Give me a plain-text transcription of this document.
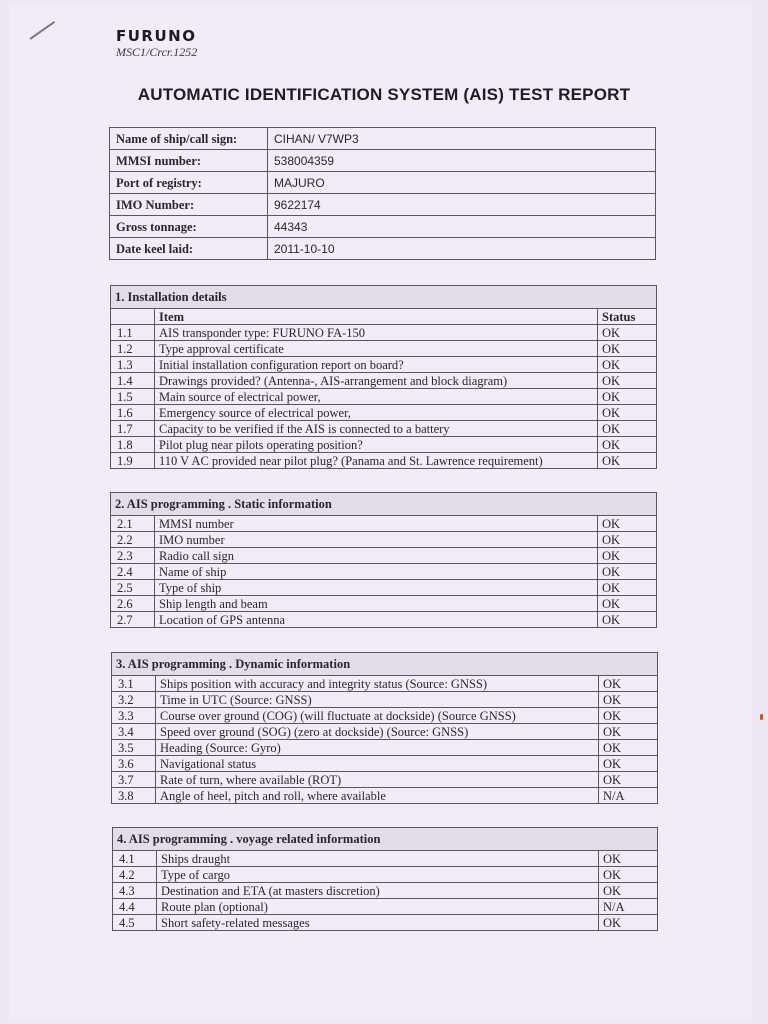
FURUNO
MSC1/Crcr.1252
AUTOMATIC IDENTIFICATION SYSTEM (AIS) TEST REPORT
Name of ship/call sign:	CIHAN/ V7WP3
MMSI number:	538004359
Port of registry:	MAJURO
IMO Number:	9622174
Gross tonnage:	44343
Date keel laid:	2011-10-10
1. Installation details		
	Item	Status
1.1	AIS transponder type: FURUNO FA-150	OK
1.2	Type approval certificate	OK
1.3	Initial installation configuration report on board?	OK
1.4	Drawings provided? (Antenna-, AIS-arrangement and block diagram)	OK
1.5	Main source of electrical power,	OK
1.6	Emergency source of electrical power,	OK
1.7	Capacity to be verified if the AIS is connected to a battery	OK
1.8	Pilot plug near pilots operating position?	OK
1.9	110 V AC provided near pilot plug? (Panama and St. Lawrence requirement)	OK
2. AIS programming . Static information		
2.1	MMSI number	OK
2.2	IMO number	OK
2.3	Radio call sign	OK
2.4	Name of ship	OK
2.5	Type of ship	OK
2.6	Ship length and beam	OK
2.7	Location of GPS antenna	OK
3. AIS programming . Dynamic information		
3.1	Ships position with accuracy and integrity status (Source: GNSS)	OK
3.2	Time in UTC (Source: GNSS)	OK
3.3	Course over ground (COG) (will fluctuate at dockside) (Source GNSS)	OK
3.4	Speed over ground (SOG) (zero at dockside) (Source: GNSS)	OK
3.5	Heading (Source: Gyro)	OK
3.6	Navigational status	OK
3.7	Rate of turn, where available (ROT)	OK
3.8	Angle of heel, pitch and roll, where available	N/A
4. AIS programming . voyage related information		
4.1	Ships draught	OK
4.2	Type of cargo	OK
4.3	Destination and ETA (at masters discretion)	OK
4.4	Route plan (optional)	N/A
4.5	Short safety-related messages	OK
